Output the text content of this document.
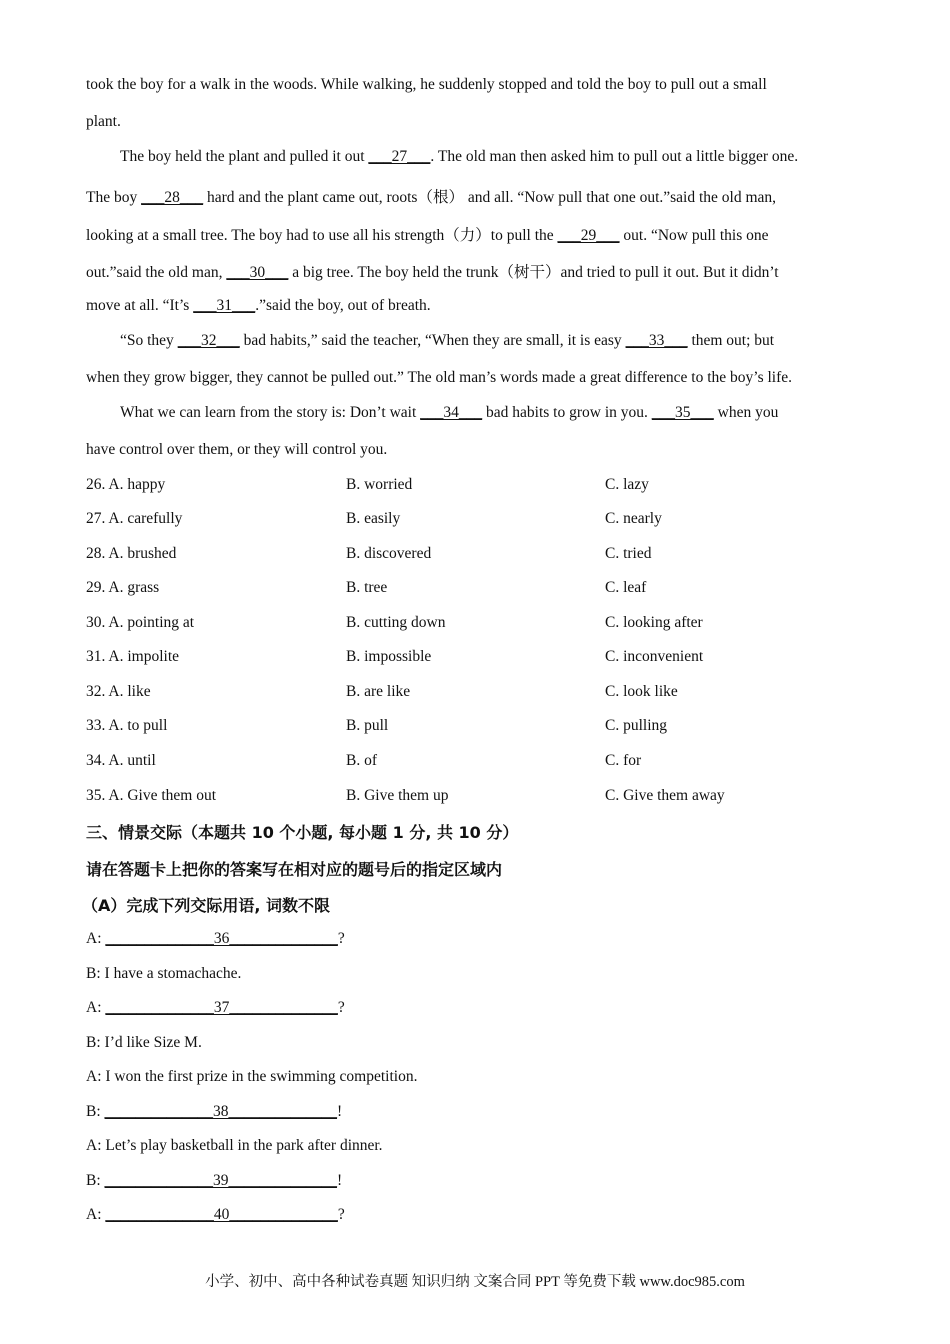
took the boy for a walk in the woods. While walking, he suddenly stopped and told the boy to pull out a small
plant.
The boy held the plant and pulled it out ___27___. The old man then asked him to pull out a little bigger one.
The boy ___28___ hard and the plant came out, roots（根） and all. “Now pull that one out.”said the old man,
looking at a small tree. The boy had to use all his strength（力）to pull the ___29___ out. “Now pull this one
out.”said the old man, ___30___ a big tree. The boy held the trunk（树干）and tried to pull it out. But it didn’t
move at all. “It’s ___31___.”said the boy, out of breath.
“So they ___32___ bad habits,” said the teacher, “When they are small, it is easy ___33___ them out; but
when they grow bigger, they cannot be pulled out.” The old man’s words made a great difference to the boy’s life.
What we can learn from the story is: Don’t wait ___34___ bad habits to grow in you. ___35___ when you
have control over them, or they will control you.
26. A. happy	B. worried	C. lazy
27. A. carefully	B. easily	C. nearly
28. A. brushed	B. discovered	C. tried
29. A. grass	B. tree	C. leaf
30. A. pointing at	B. cutting down	C. looking after
31. A. impolite	B. impossible	C. inconvenient
32. A. like	B. are like	C. look like
33. A. to pull	B. pull	C. pulling
34. A. until	B. of	C. for
35. A. Give them out	B. Give them up	C. Give them away
三、情景交际（本题共 10 个小题, 每小题 1 分, 共 10 分）
请在答题卡上把你的答案写在相对应的题号后的指定区域内
（A）完成下列交际用语, 词数不限
A: ______________36______________?
B: I have a stomachache.
A: ______________37______________?
B: I’d like Size M.
A: I won the first prize in the swimming competition.
B: ______________38______________!
A: Let’s play basketball in the park after dinner.
B: ______________39______________!
A: ______________40______________?
小学、初中、高中各种试卷真题 知识归纳 文案合同 PPT 等免费下载 www.doc985.com
